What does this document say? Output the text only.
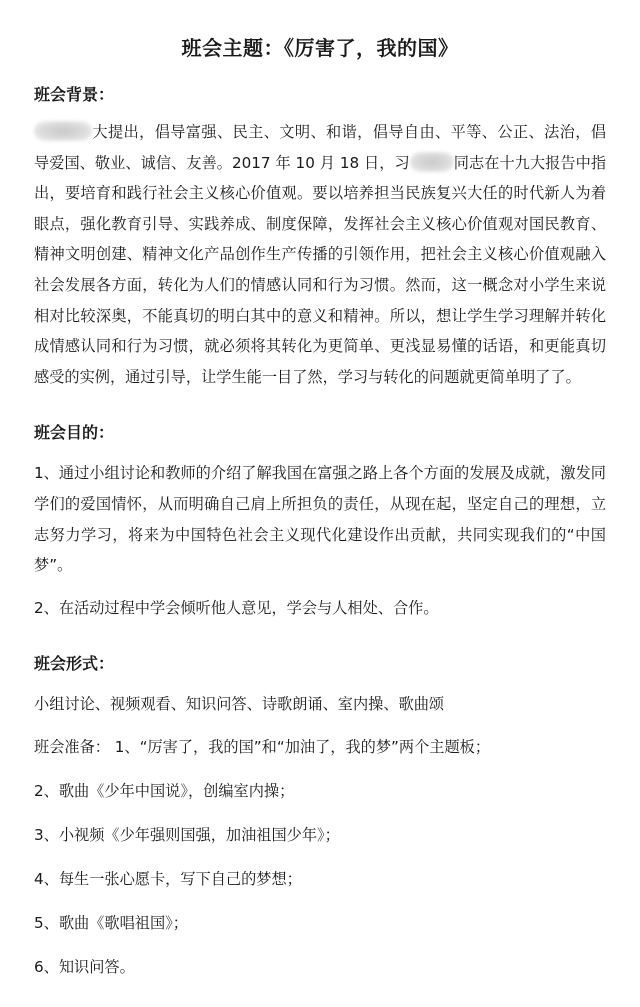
班会主题：《厉害了，我的国》
班会背景：

大提出，倡导富强、民主、文明、和谐，倡导自由、平等、公正、法治，倡导爱国、敬业、诚信、友善。2017 年 10 月 18 日，习	同志在十九大报告中指出，要培育和践行社会主义核心价值观。要以培养担当民族复兴大任的时代新人为着眼点，强化教育引导、实践养成、制度保障，发挥社会主义核心价值观对国民教育、精神文明创建、精神文化产品创作生产传播的引领作用，把社会主义核心价值观融入社会发展各方面，转化为人们的情感认同和行为习惯。然而，这一概念对小学生来说相对比较深奥，不能真切的明白其中的意义和精神。所以，想让学生学习理解并转化成情感认同和行为习惯，就必须将其转化为更简单、更浅显易懂的话语，和更能真切感受的实例，通过引导，让学生能一目了然，学习与转化的问题就更简单明了了。

班会目的：

1、通过小组讨论和教师的介绍了解我国在富强之路上各个方面的发展及成就，激发同学们的爱国情怀，从而明确自己肩上所担负的责任，从现在起，坚定自己的理想，立志努力学习，将来为中国特色社会主义现代化建设作出贡献，共同实现我们的“中国梦”。

2、在活动过程中学会倾听他人意见，学会与人相处、合作。

班会形式：

小组讨论、视频观看、知识问答、诗歌朗诵、室内操、歌曲颂

班会准备： 1、“厉害了，我的国”和“加油了，我的梦”两个主题板；

2、歌曲《少年中国说》，创编室内操；

3、小视频《少年强则国强，加油祖国少年》；

4、每生一张心愿卡，写下自己的梦想；

5、歌曲《歌唱祖国》；

6、知识问答。
